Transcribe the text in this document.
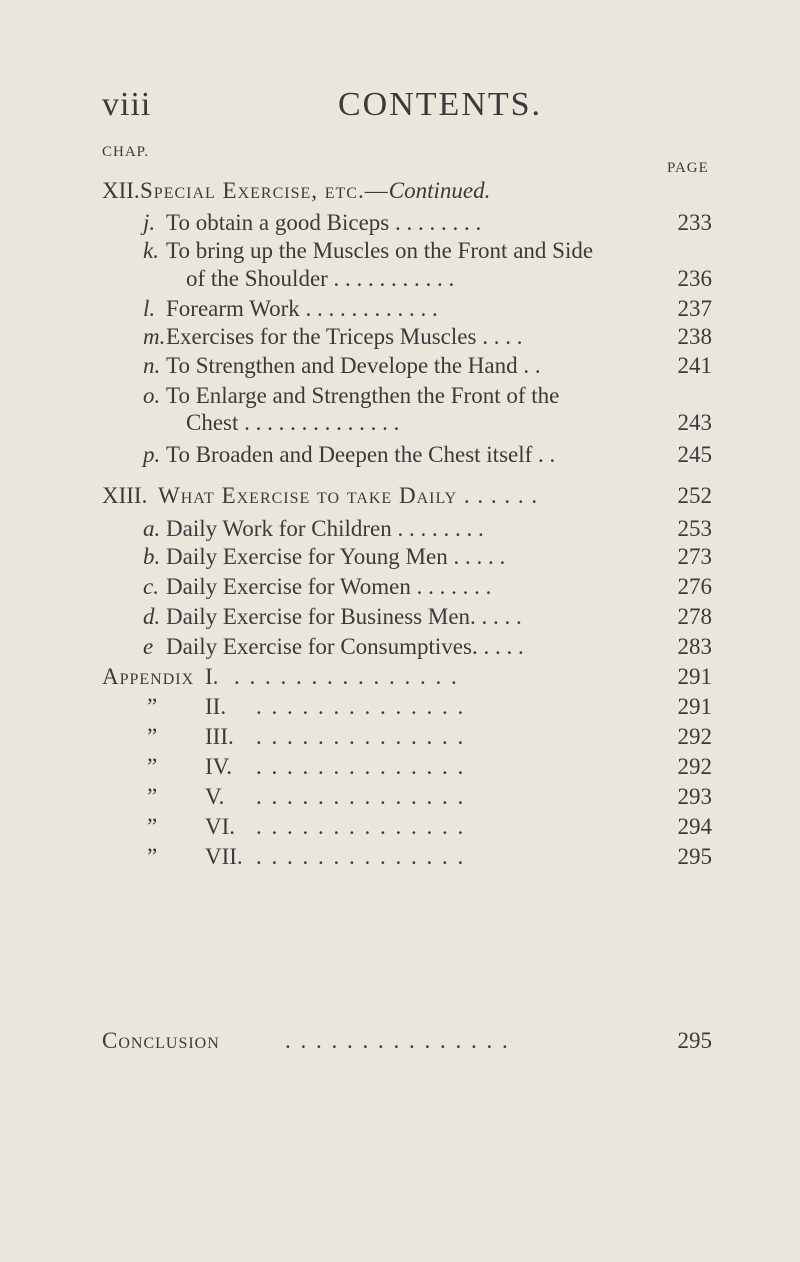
viii	CONTENTS.
CHAP.
PAGE
XII. Special Exercise, etc.—Continued.
j. To obtain a good Biceps . . . . . . . .	233
k. To bring up the Muscles on the Front and Side
of the Shoulder . . . . . . . . . . .	236
l. Forearm Work . . . . . . . . . . . .	237
m. Exercises for the Triceps Muscles . . . .	238
n. To Strengthen and Develope the Hand . .	241
o. To Enlarge and Strengthen the Front of the
Chest . . . . . . . . . . . . . .	243
p. To Broaden and Deepen the Chest itself . .	245
XIII. What Exercise to take Daily . . . . . .	252
a. Daily Work for Children . . . . . . . .	253
b. Daily Exercise for Young Men . . . . .	273
c. Daily Exercise for Women . . . . . . .	276
d. Daily Exercise for Business Men. . . . .	278
e Daily Exercise for Consumptives. . . . .	283
Appendix I. . . . . . . . . . . . . . . .	291
” II. . . . . . . . . . . . . . .	291
” III. . . . . . . . . . . . . . .	292
” IV. . . . . . . . . . . . . . .	292
” V. . . . . . . . . . . . . . .	293
” VI. . . . . . . . . . . . . . .	294
” VII. . . . . . . . . . . . . . .	295
Conclusion	. . . . . . . . . . . . . . .	295
